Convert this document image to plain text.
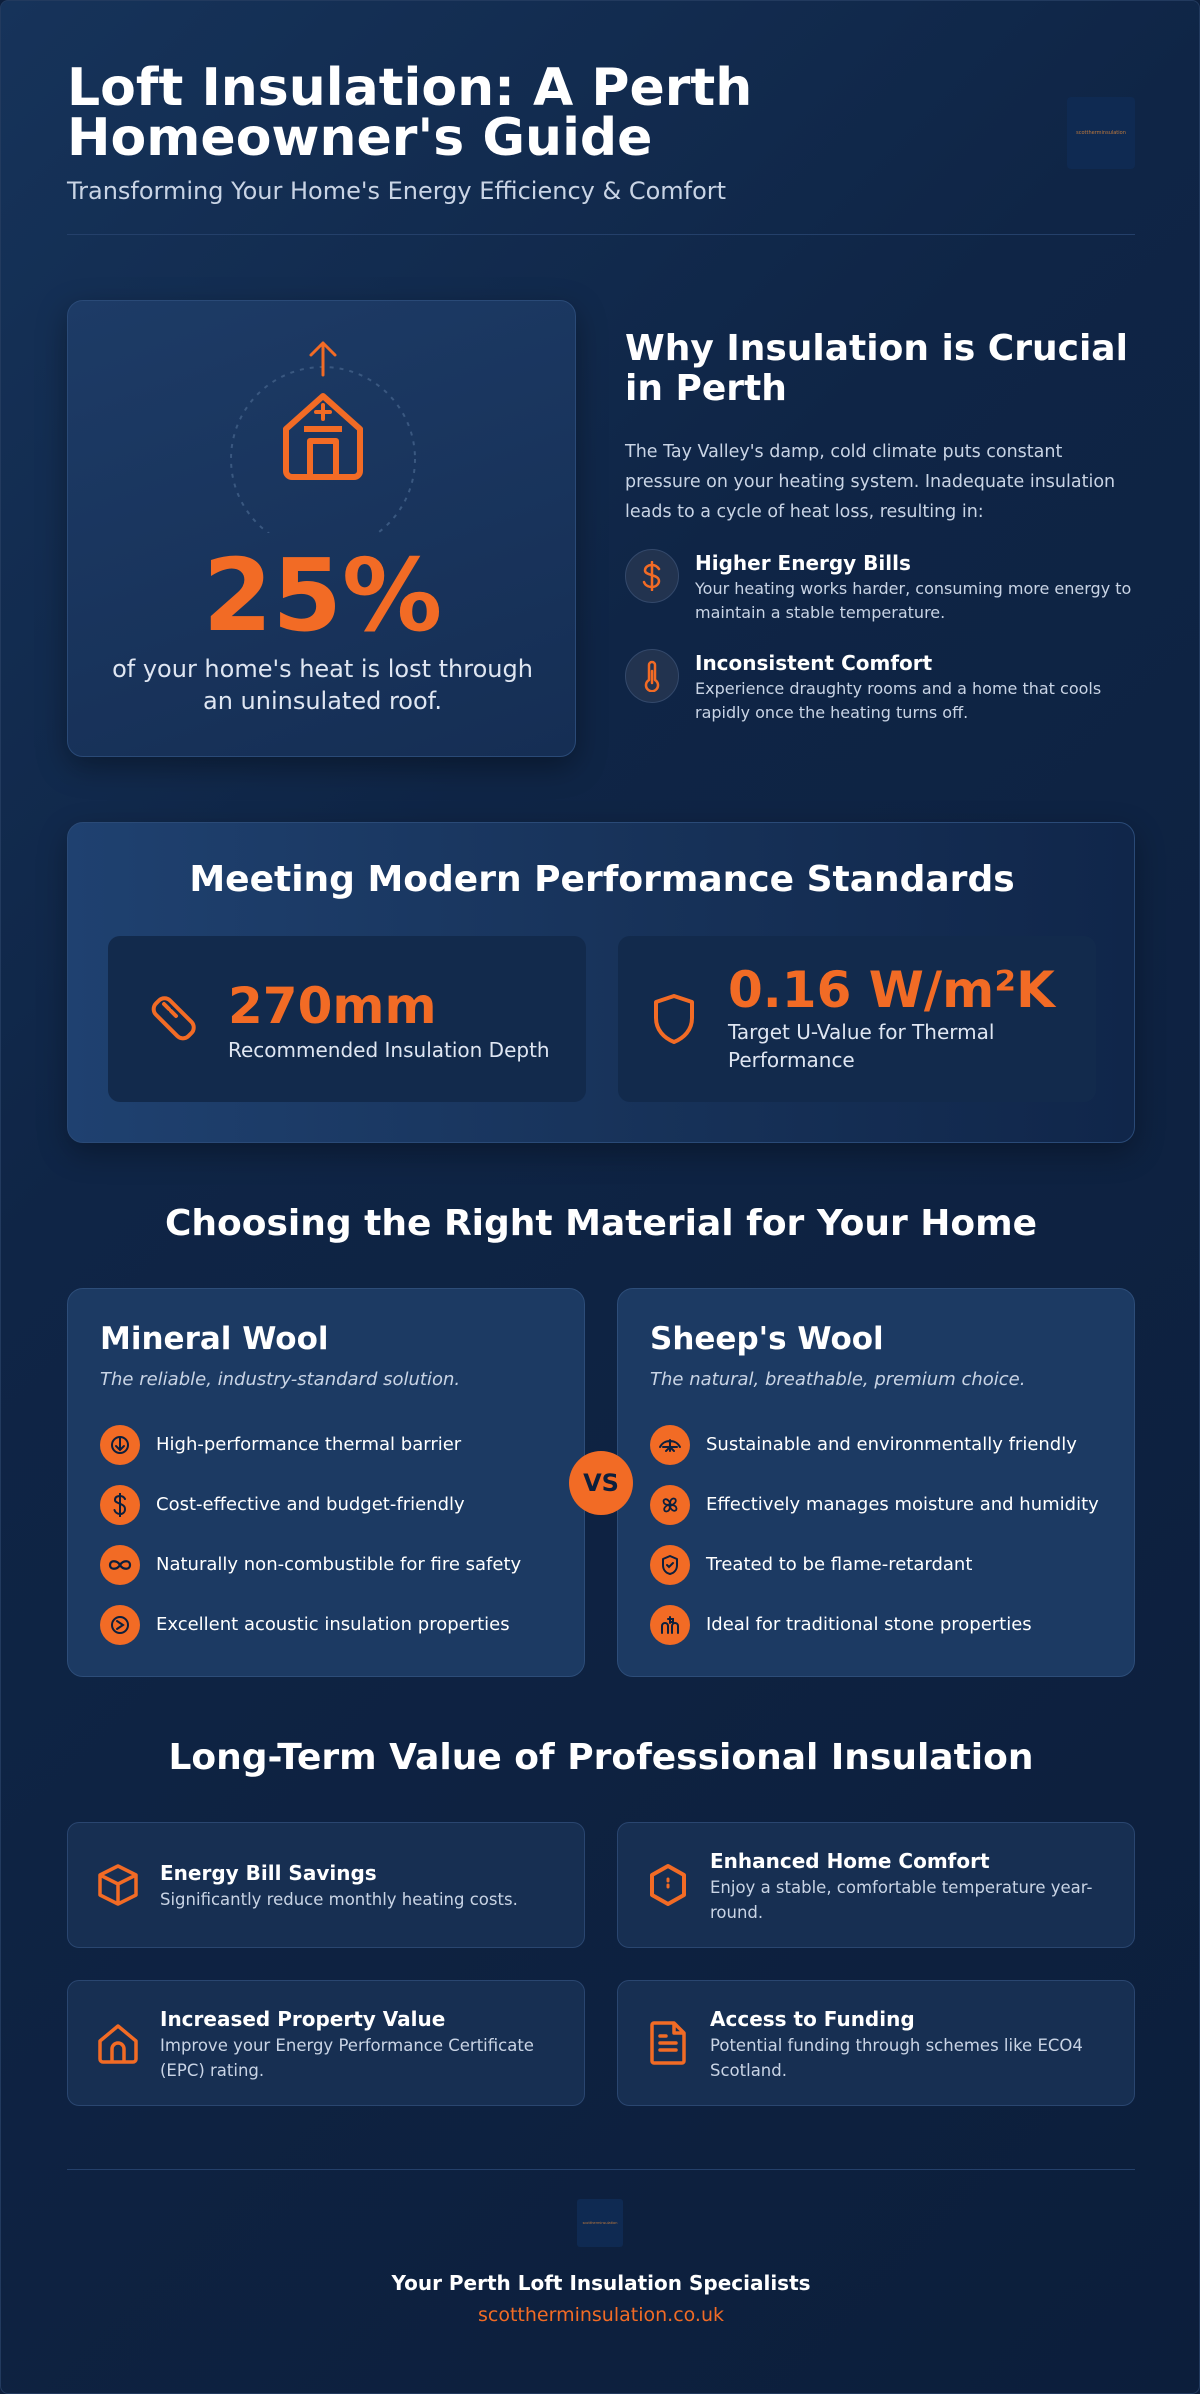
Loft Insulation: A Perth Homeowner's Guide
Transforming Your Home's Energy Efficiency & Comfort
scottherminsulation
25%
of your home's heat is lost through an uninsulated roof.
Why Insulation is Crucial in Perth

The Tay Valley's damp, cold climate puts constant pressure on your heating system. Inadequate insulation leads to a cycle of heat loss, resulting in:

Higher Energy Bills
Your heating works harder, consuming more energy to maintain a stable temperature.
Inconsistent Comfort
Experience draughty rooms and a home that cools rapidly once the heating turns off.
Meeting Modern Performance Standards
270mm
Recommended Insulation Depth
0.16 W/m²K
Target U-Value for Thermal Performance
Choosing the Right Material for Your Home
Mineral Wool
The reliable, industry-standard solution.
High-performance thermal barrier
Cost-effective and budget-friendly
Naturally non-combustible for fire safety
Excellent acoustic insulation properties
Sheep's Wool
The natural, breathable, premium choice.
Sustainable and environmentally friendly
Effectively manages moisture and humidity
Treated to be flame-retardant
Ideal for traditional stone properties
VS
Long-Term Value of Professional Insulation
Energy Bill Savings
Significantly reduce monthly heating costs.
Enhanced Home Comfort
Enjoy a stable, comfortable temperature year-round.
Increased Property Value
Improve your Energy Performance Certificate (EPC) rating.
Access to Funding
Potential funding through schemes like ECO4 Scotland.
scottherminsulation
Your Perth Loft Insulation Specialists
scottherminsulation.co.uk
